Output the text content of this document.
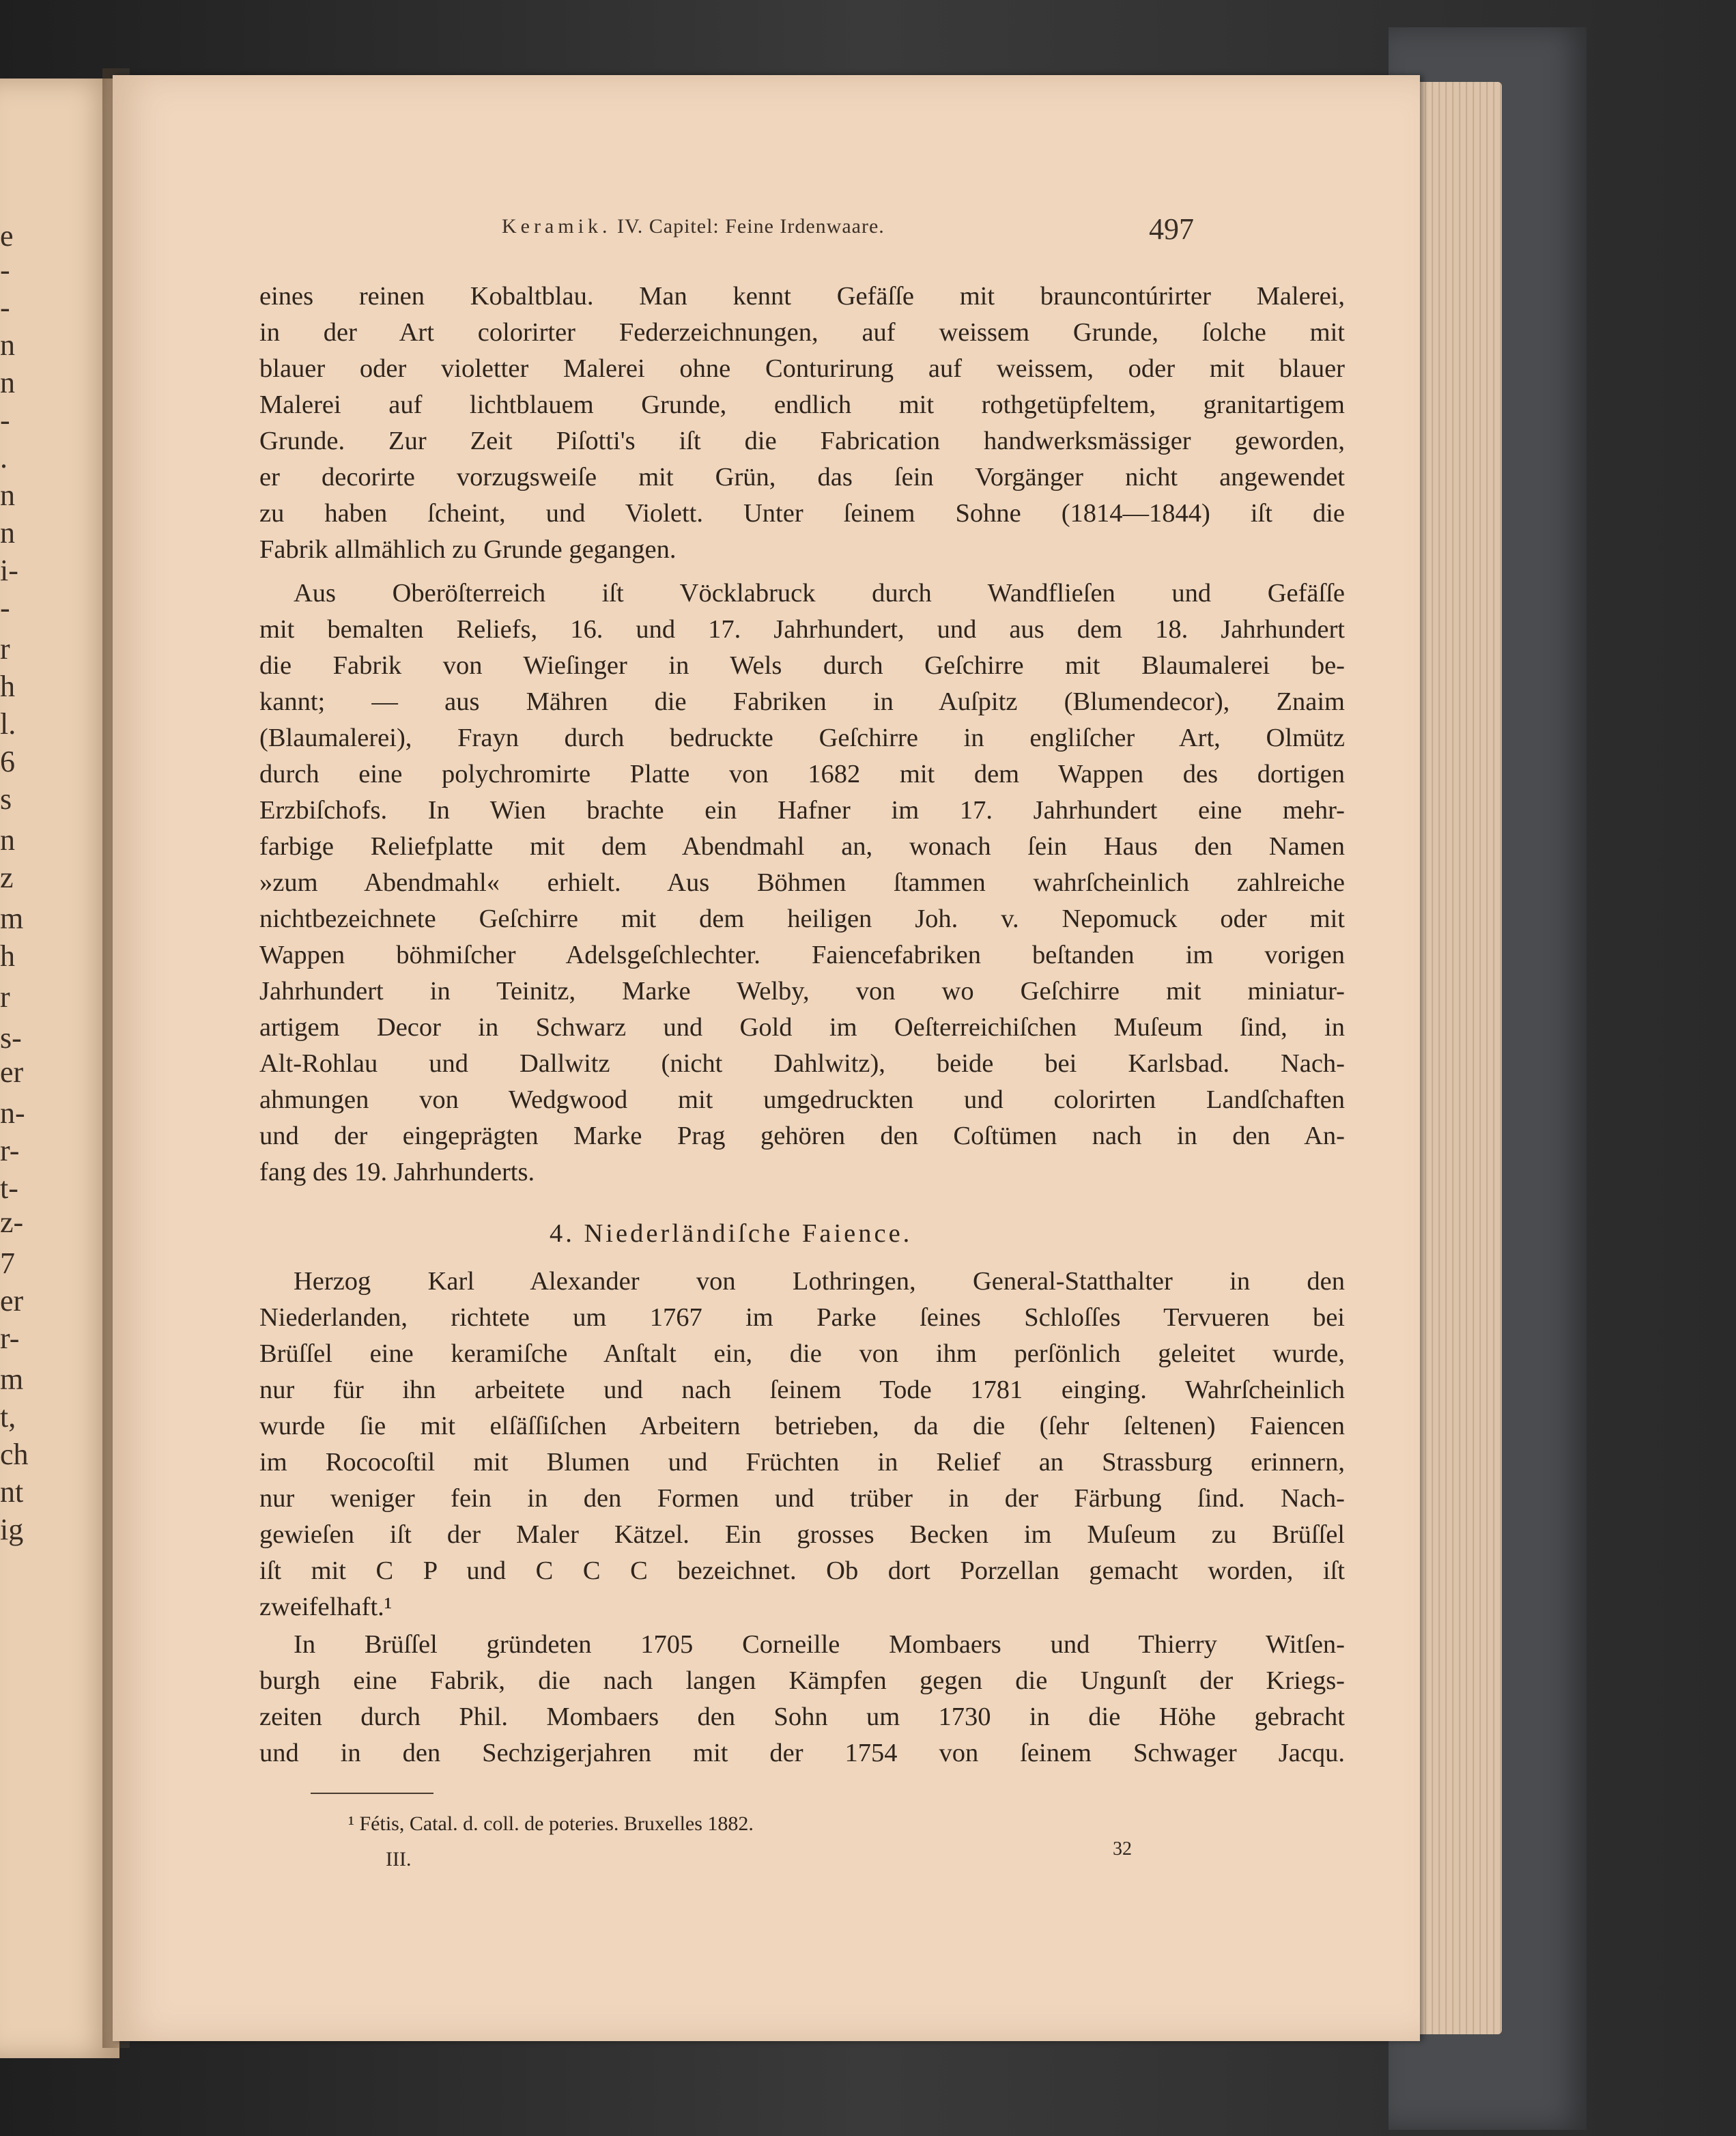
e
-
-
n
n
-
.
n
n
i-
-
r
h
l.
6
s
n
z
m
h
r
s-
er
n-
r-
t-
z-
7
er
r-
m
t,
ch
nt
ig
Keramik. IV. Capitel: Feine Irdenwaare.	497
eines reinen Kobaltblau. Man kennt Gefäſſe mit brauncontúrirter Malerei,
in der Art colorirter Federzeichnungen, auf weissem Grunde, ſolche mit
blauer oder violetter Malerei ohne Conturirung auf weissem, oder mit blauer
Malerei auf lichtblauem Grunde, endlich mit rothgetüpfeltem, granitartigem
Grunde. Zur Zeit Piſotti's iſt die Fabrication handwerksmässiger geworden,
er decorirte vorzugsweiſe mit Grün, das ſein Vorgänger nicht angewendet
zu haben ſcheint, und Violett. Unter ſeinem Sohne (1814—1844) iſt die
Fabrik allmählich zu Grunde gegangen.
Aus Oberöſterreich iſt Vöcklabruck durch Wandflieſen und Gefäſſe
mit bemalten Reliefs, 16. und 17. Jahrhundert, und aus dem 18. Jahrhundert
die Fabrik von Wieſinger in Wels durch Geſchirre mit Blaumalerei be-
kannt; — aus Mähren die Fabriken in Auſpitz (Blumendecor), Znaim
(Blaumalerei), Frayn durch bedruckte Geſchirre in engliſcher Art, Olmütz
durch eine polychromirte Platte von 1682 mit dem Wappen des dortigen
Erzbiſchofs. In Wien brachte ein Hafner im 17. Jahrhundert eine mehr-
farbige Reliefplatte mit dem Abendmahl an, wonach ſein Haus den Namen
»zum Abendmahl« erhielt. Aus Böhmen ſtammen wahrſcheinlich zahlreiche
nichtbezeichnete Geſchirre mit dem heiligen Joh. v. Nepomuck oder mit
Wappen böhmiſcher Adelsgeſchlechter. Faiencefabriken beſtanden im vorigen
Jahrhundert in Teinitz, Marke Welby, von wo Geſchirre mit miniatur-
artigem Decor in Schwarz und Gold im Oeſterreichiſchen Muſeum ſind, in
Alt-Rohlau und Dallwitz (nicht Dahlwitz), beide bei Karlsbad. Nach-
ahmungen von Wedgwood mit umgedruckten und colorirten Landſchaften
und der eingeprägten Marke Prag gehören den Coſtümen nach in den An-
fang des 19. Jahrhunderts.
4. Niederländiſche Faience.
Herzog Karl Alexander von Lothringen, General-Statthalter in den
Niederlanden, richtete um 1767 im Parke ſeines Schloſſes Tervueren bei
Brüſſel eine keramiſche Anſtalt ein, die von ihm perſönlich geleitet wurde,
nur für ihn arbeitete und nach ſeinem Tode 1781 einging. Wahrſcheinlich
wurde ſie mit elſäſſiſchen Arbeitern betrieben, da die (ſehr ſeltenen) Faiencen
im Rococoſtil mit Blumen und Früchten in Relief an Strassburg erinnern,
nur weniger fein in den Formen und trüber in der Färbung ſind. Nach-
gewieſen iſt der Maler Kätzel. Ein grosses Becken im Muſeum zu Brüſſel
iſt mit C P und C C C bezeichnet. Ob dort Porzellan gemacht worden, iſt
zweifelhaft.¹
In Brüſſel gründeten 1705 Corneille Mombaers und Thierry Witſen-
burgh eine Fabrik, die nach langen Kämpfen gegen die Ungunſt der Kriegs-
zeiten durch Phil. Mombaers den Sohn um 1730 in die Höhe gebracht
und in den Sechzigerjahren mit der 1754 von ſeinem Schwager Jacqu.
¹ Fétis, Catal. d. coll. de poteries. Bruxelles 1882.
III.	32
